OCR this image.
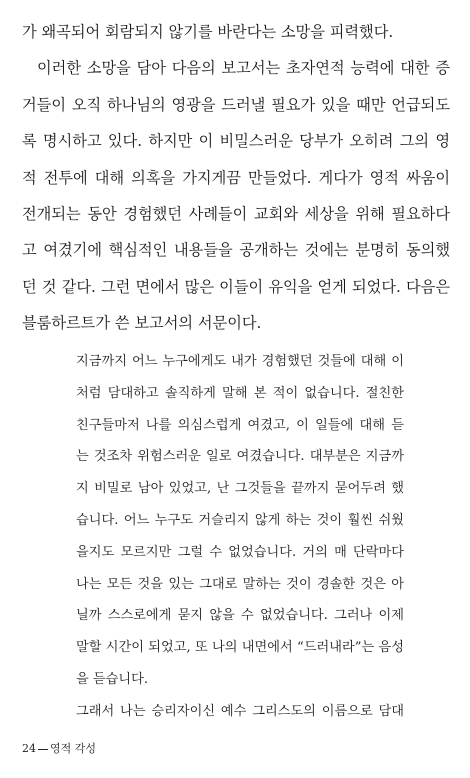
가 왜곡되어 회람되지 않기를 바란다는 소망을 피력했다.
이러한 소망을 담아 다음의 보고서는 초자연적 능력에 대한 증
거들이 오직 하나님의 영광을 드러낼 필요가 있을 때만 언급되도
록 명시하고 있다. 하지만 이 비밀스러운 당부가 오히려 그의 영
적 전투에 대해 의혹을 가지게끔 만들었다. 게다가 영적 싸움이
전개되는 동안 경험했던 사례들이 교회와 세상을 위해 필요하다
고 여겼기에 핵심적인 내용들을 공개하는 것에는 분명히 동의했
던 것 같다. 그런 면에서 많은 이들이 유익을 얻게 되었다. 다음은
블룸하르트가 쓴 보고서의 서문이다.
지금까지 어느 누구에게도 내가 경험했던 것들에 대해 이
처럼 담대하고 솔직하게 말해 본 적이 없습니다. 절친한
친구들마저 나를 의심스럽게 여겼고, 이 일들에 대해 듣
는 것조차 위험스러운 일로 여겼습니다. 대부분은 지금까
지 비밀로 남아 있었고, 난 그것들을 끝까지 묻어두려 했
습니다. 어느 누구도 거슬리지 않게 하는 것이 훨씬 쉬웠
을지도 모르지만 그럴 수 없었습니다. 거의 매 단락마다
나는 모든 것을 있는 그대로 말하는 것이 경솔한 것은 아
닐까 스스로에게 묻지 않을 수 없었습니다. 그러나 이제
말할 시간이 되었고, 또 나의 내면에서 “드러내라”는 음성
을 듣습니다.
그래서 나는 승리자이신 예수 그리스도의 이름으로 담대
24 영적 각성
